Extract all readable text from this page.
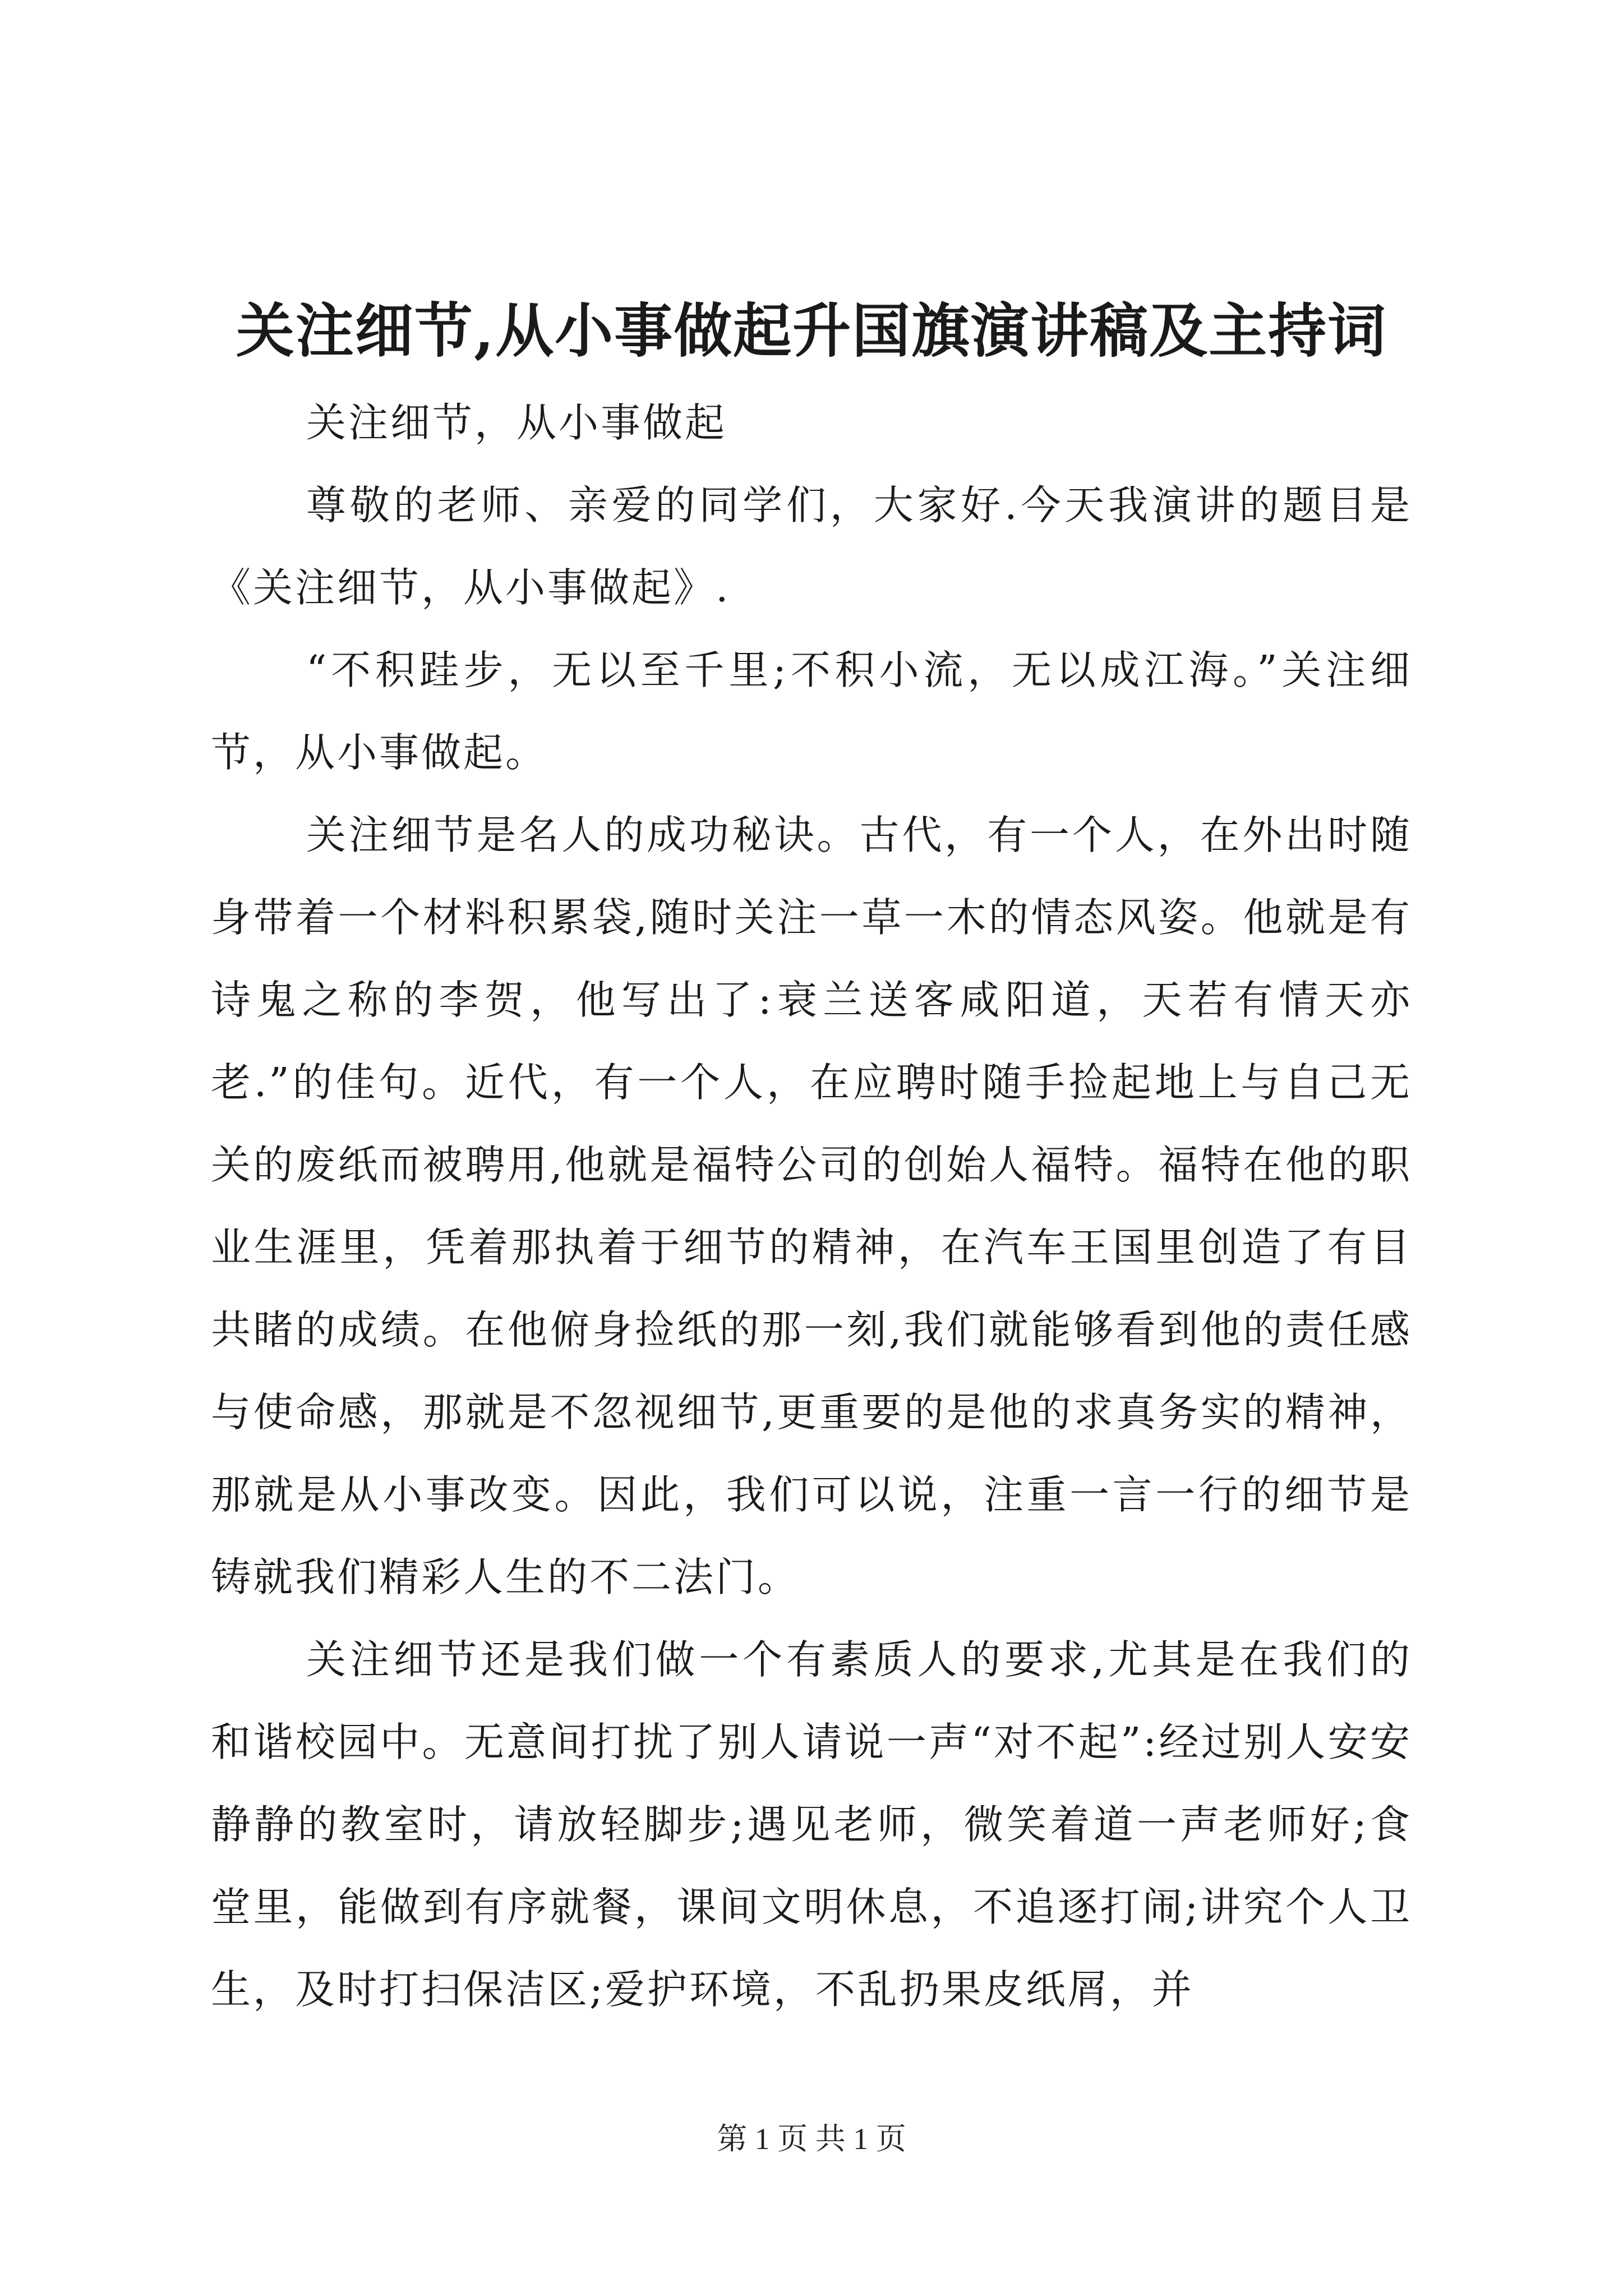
关注细节,从小事做起升国旗演讲稿及主持词

关注细节，从小事做起

尊敬的老师、亲爱的同学们，大家好.今天我演讲的题目是《关注细节，从小事做起》.

“不积跬步，无以至千里;不积小流，无以成江海。”关注细节，从小事做起。

关注细节是名人的成功秘诀。古代，有一个人，在外出时随身带着一个材料积累袋,随时关注一草一木的情态风姿。他就是有诗鬼之称的李贺，他写出了:衰兰送客咸阳道，天若有情天亦老.”的佳句。近代，有一个人，在应聘时随手捡起地上与自己无关的废纸而被聘用,他就是福特公司的创始人福特。福特在他的职业生涯里，凭着那执着于细节的精神，在汽车王国里创造了有目共睹的成绩。在他俯身捡纸的那一刻,我们就能够看到他的责任感与使命感，那就是不忽视细节,更重要的是他的求真务实的精神，那就是从小事改变。因此，我们可以说，注重一言一行的细节是铸就我们精彩人生的不二法门。

关注细节还是我们做一个有素质人的要求,尤其是在我们的和谐校园中。无意间打扰了别人请说一声“对不起”:经过别人安安静静的教室时，请放轻脚步;遇见老师，微笑着道一声老师好;食堂里，能做到有序就餐，课间文明休息，不追逐打闹;讲究个人卫生，及时打扫保洁区;爱护环境，不乱扔果皮纸屑，并

第 1 页 共 1 页
